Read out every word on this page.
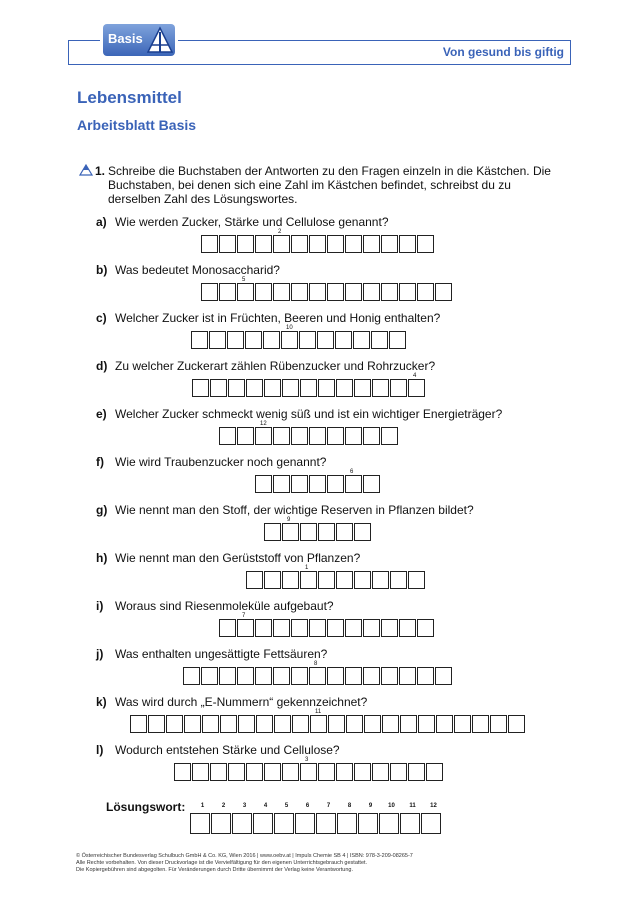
Basis
Von gesund bis giftig
Lebensmittel
Arbeitsblatt Basis
1. Schreibe die Buchstaben der Antworten zu den Fragen einzeln in die Kästchen. Die Buchstaben, bei denen sich eine Zahl im Kästchen befindet, schreibst du zu derselben Zahl des Lösungswortes.
a) Wie werden Zucker, Stärke und Cellulose genannt?
2
b) Was bedeutet Monosaccharid?
5
c) Welcher Zucker ist in Früchten, Beeren und Honig enthalten?
10
d) Zu welcher Zuckerart zählen Rübenzucker und Rohrzucker?
4
e) Welcher Zucker schmeckt wenig süß und ist ein wichtiger Energieträger?
12
f) Wie wird Traubenzucker noch genannt?
6
g) Wie nennt man den Stoff, der wichtige Reserven in Pflanzen bildet?
9
h) Wie nennt man den Gerüststoff von Pflanzen?
1
i) Woraus sind Riesenmoleküle aufgebaut?
7
j) Was enthalten ungesättigte Fettsäuren?
8
k) Was wird durch „E-Nummern“ gekennzeichnet?
11
l) Wodurch entstehen Stärke und Cellulose?
3
Lösungswort:	1	2	3	4	5	6	7	8	9	10	11	12
© Österreichischer Bundesverlag Schulbuch GmbH & Co. KG, Wien 2016 | www.oebv.at | Impuls Chemie SB 4 | ISBN: 978-3-209-08265-7
Alle Rechte vorbehalten. Von dieser Druckvorlage ist die Vervielfältigung für den eigenen Unterrichtsgebrauch gestattet.
Die Kopiergebühren sind abgegolten. Für Veränderungen durch Dritte übernimmt der Verlag keine Verantwortung.
